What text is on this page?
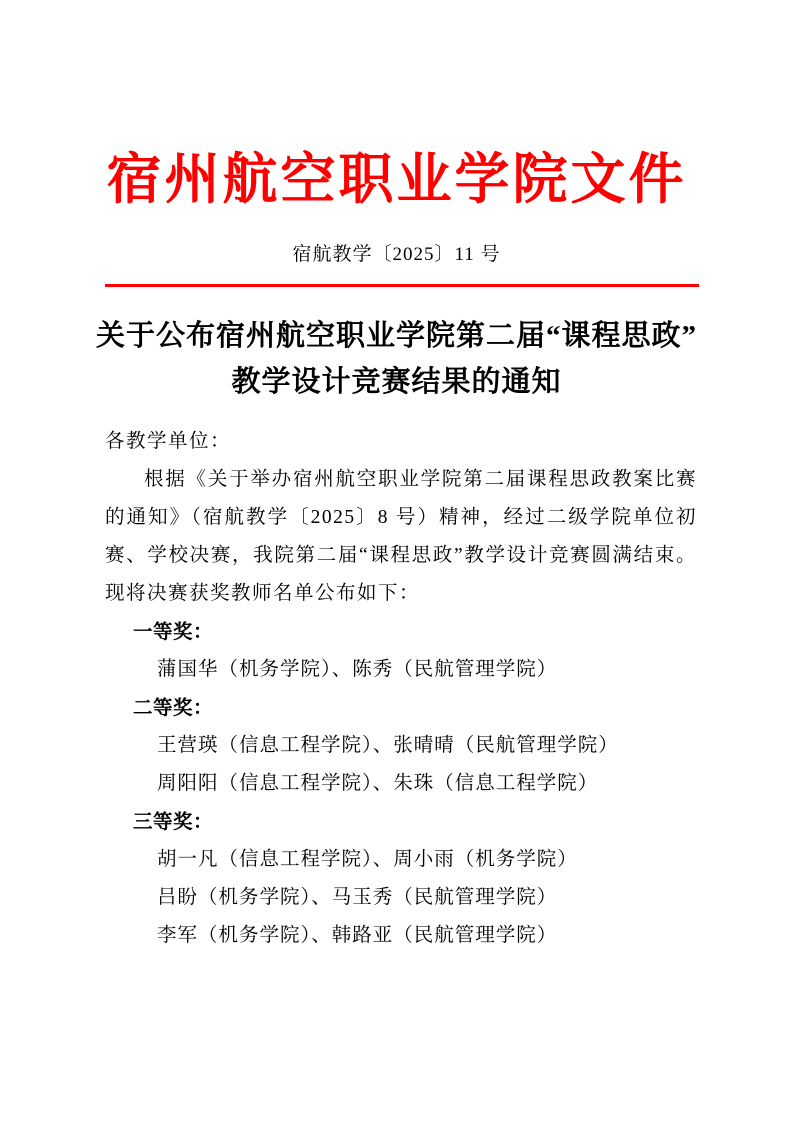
宿州航空职业学院文件
宿航教学〔2025〕11 号
关于公布宿州航空职业学院第二届“课程思政”
教学设计竞赛结果的通知
各教学单位：
根据《关于举办宿州航空职业学院第二届课程思政教案比赛的通知》（宿航教学〔2025〕8 号）精神，经过二级学院单位初赛、学校决赛，我院第二届“课程思政”教学设计竞赛圆满结束。现将决赛获奖教师名单公布如下：
一等奖：
蒲国华（机务学院）、陈秀（民航管理学院）
二等奖：
王营瑛（信息工程学院）、张晴晴（民航管理学院）
周阳阳（信息工程学院）、朱珠（信息工程学院）
三等奖：
胡一凡（信息工程学院）、周小雨（机务学院）
吕盼（机务学院）、马玉秀（民航管理学院）
李军（机务学院）、韩路亚（民航管理学院）
